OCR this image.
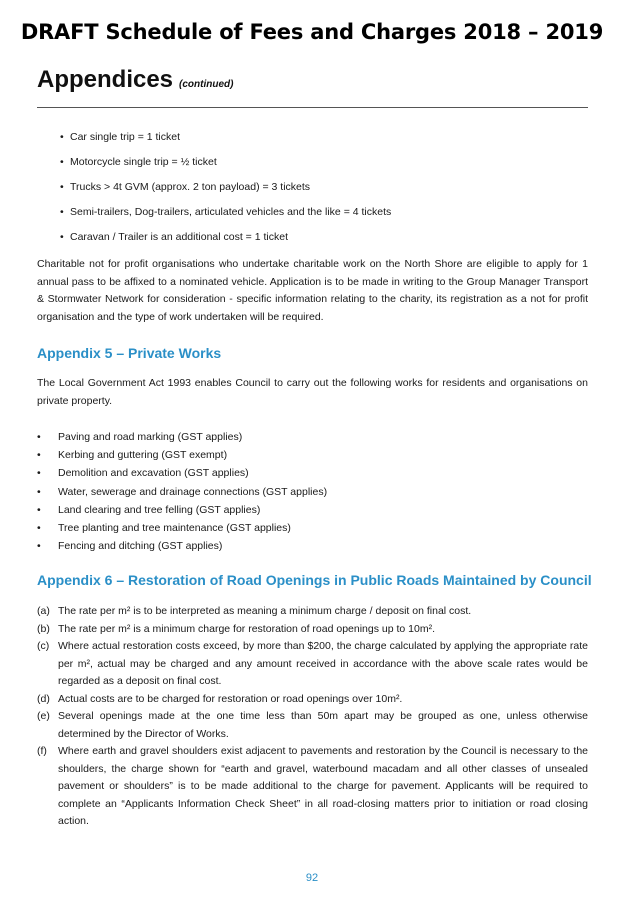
DRAFT Schedule of Fees and Charges 2018 – 2019
Appendices (continued)
• Car single trip = 1 ticket
• Motorcycle single trip = ½ ticket
• Trucks > 4t GVM (approx. 2 ton payload) = 3 tickets
• Semi-trailers, Dog-trailers, articulated vehicles and the like = 4 tickets
• Caravan / Trailer is an additional cost = 1 ticket

Charitable not for profit organisations who undertake charitable work on the North Shore are eligible to apply for 1 annual pass to be affixed to a nominated vehicle. Application is to be made in writing to the Group Manager Transport & Stormwater Network for consideration - specific information relating to the charity, its registration as a not for profit organisation and the type of work undertaken will be required.

Appendix 5 – Private Works

The Local Government Act 1993 enables Council to carry out the following works for residents and organisations on private property.

• Paving and road marking (GST applies)
• Kerbing and guttering (GST exempt)
• Demolition and excavation (GST applies)
• Water, sewerage and drainage connections (GST applies)
• Land clearing and tree felling (GST applies)
• Tree planting and tree maintenance (GST applies)
• Fencing and ditching (GST applies)
Appendix 6 – Restoration of Road Openings in Public Roads Maintained by Council
(a) The rate per m² is to be interpreted as meaning a minimum charge / deposit on final cost.
(b) The rate per m² is a minimum charge for restoration of road openings up to 10m².
(c) Where actual restoration costs exceed, by more than $200, the charge calculated by applying the appropriate rate per m², actual may be charged and any amount received in accordance with the above scale rates would be regarded as a deposit on final cost.
(d) Actual costs are to be charged for restoration or road openings over 10m².
(e) Several openings made at the one time less than 50m apart may be grouped as one, unless otherwise determined by the Director of Works.
(f)	Where earth and gravel shoulders exist adjacent to pavements and restoration by the Council is necessary to the shoulders, the charge shown for “earth and gravel, waterbound macadam and all other classes of unsealed pavement or shoulders” is to be made additional to the charge for pavement. Applicants will be required to complete an “Applicants Information Check Sheet” in all road-closing matters prior to initiation or road closing action.
92
